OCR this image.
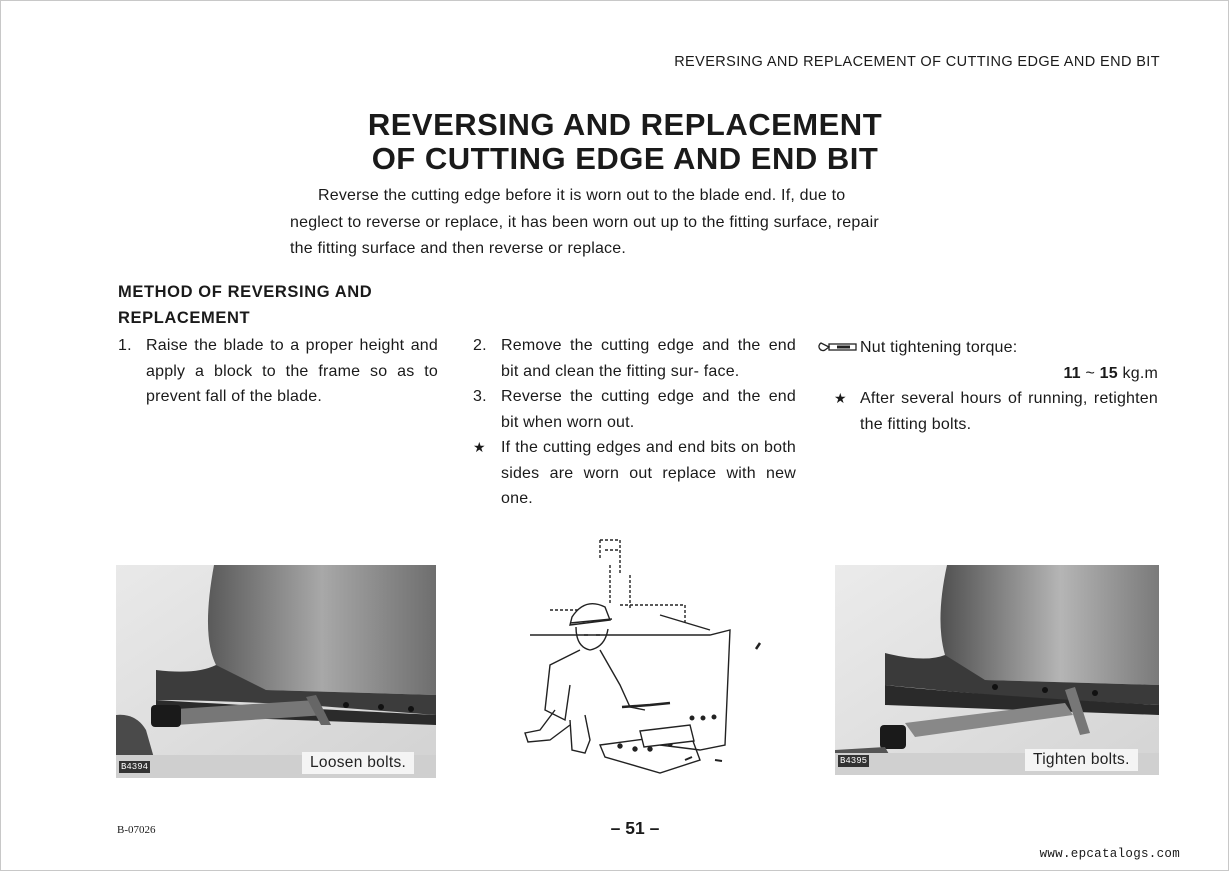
REVERSING AND REPLACEMENT OF CUTTING EDGE AND END BIT
REVERSING AND REPLACEMENT
OF CUTTING EDGE AND END BIT
Reverse the cutting edge before it is worn out to the blade end. If, due to
neglect to reverse or replace, it has been worn out up to the fitting surface, repair
the fitting surface and then reverse or replace.
METHOD OF REVERSING AND
REPLACEMENT
1. Raise the blade to a proper height and apply a block to the frame so as to prevent fall of the blade.
2. Remove the cutting edge and the end bit and clean the fitting sur- face.
3. Reverse the cutting edge and the end bit when worn out.
★ If the cutting edges and end bits on both sides are worn out replace with new one.
Nut tightening torque:
11 ~ 15 kg.m
★ After several hours of running, retighten the fitting bolts.
B4394	Loosen bolts.	B4395	Tighten bolts.
B-07026	– 51 –
www.epcatalogs.com
